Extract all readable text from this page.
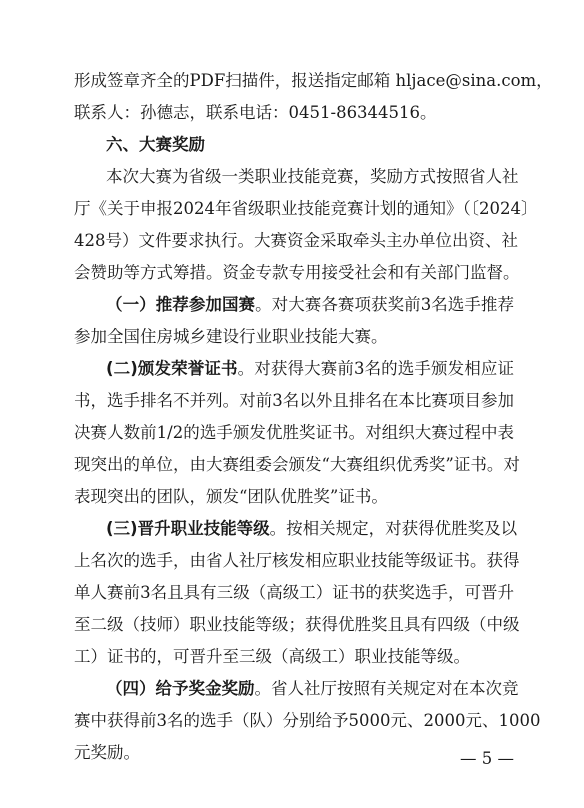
形成签章齐全的PDF扫描件，报送指定邮箱 hljace@sina.com，
联系人：孙德志，联系电话：0451-86344516。
六、大赛奖励
本次大赛为省级一类职业技能竞赛，奖励方式按照省人社
厅《关于申报2024年省级职业技能竞赛计划的通知》（〔2024〕
428号）文件要求执行。大赛资金采取牵头主办单位出资、社
会赞助等方式筹措。资金专款专用接受社会和有关部门监督。
（一）推荐参加国赛。对大赛各赛项获奖前3名选手推荐
参加全国住房城乡建设行业职业技能大赛。
(二)颁发荣誉证书。对获得大赛前3名的选手颁发相应证
书，选手排名不并列。对前3名以外且排名在本比赛项目参加
决赛人数前1/2的选手颁发优胜奖证书。对组织大赛过程中表
现突出的单位，由大赛组委会颁发“大赛组织优秀奖”证书。对
表现突出的团队，颁发“团队优胜奖”证书。
(三)晋升职业技能等级。按相关规定，对获得优胜奖及以
上名次的选手，由省人社厅核发相应职业技能等级证书。获得
单人赛前3名且具有三级（高级工）证书的获奖选手，可晋升
至二级（技师）职业技能等级；获得优胜奖且具有四级（中级
工）证书的，可晋升至三级（高级工）职业技能等级。
（四）给予奖金奖励。省人社厅按照有关规定对在本次竞
赛中获得前3名的选手（队）分别给予5000元、2000元、1000
元奖励。	— 5 —
